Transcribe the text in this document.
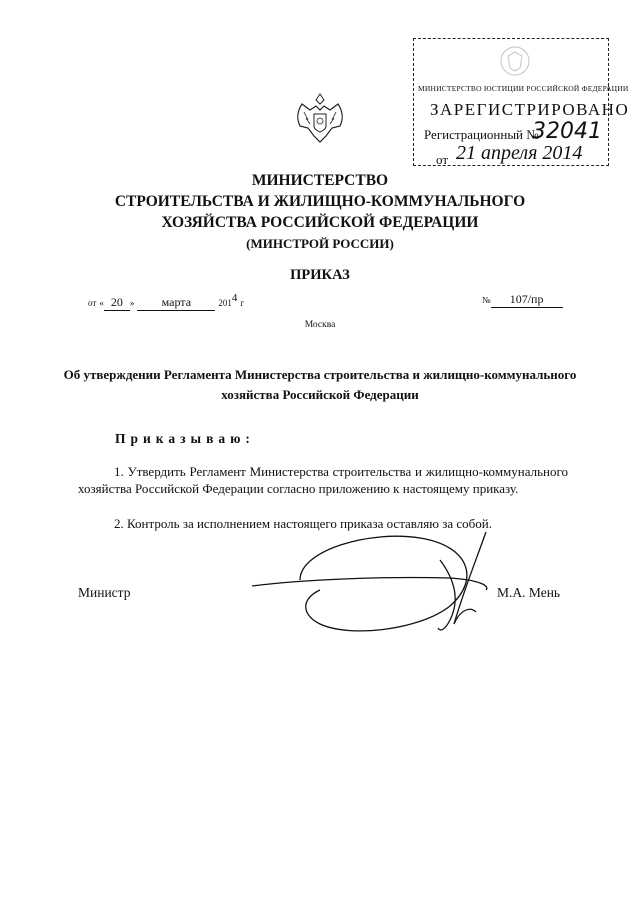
МИНИСТЕРСТВО ЮСТИЦИИ РОССИЙСКОЙ ФЕДЕРАЦИИ
ЗАРЕГИСТРИРОВАНО
Регистрационный №
32041
от 21 апреля 2014
МИНИСТЕРСТВО
СТРОИТЕЛЬСТВА И ЖИЛИЩНО-КОММУНАЛЬНОГО
ХОЗЯЙСТВА РОССИЙСКОЙ ФЕДЕРАЦИИ
(МИНСТРОЙ РОССИИ)
ПРИКАЗ
от « 20 » марта	$201^4$ г	№ 107/пр
Москва
Об утверждении Регламента Министерства строительства и жилищно-коммунального хозяйства Российской Федерации
Приказываю:
1. Утвердить Регламент Министерства строительства и жилищно-коммунального хозяйства Российской Федерации согласно приложению к настоящему приказу.
2. Контроль за исполнением настоящего приказа оставляю за собой.
Министр	М.А. Мень
